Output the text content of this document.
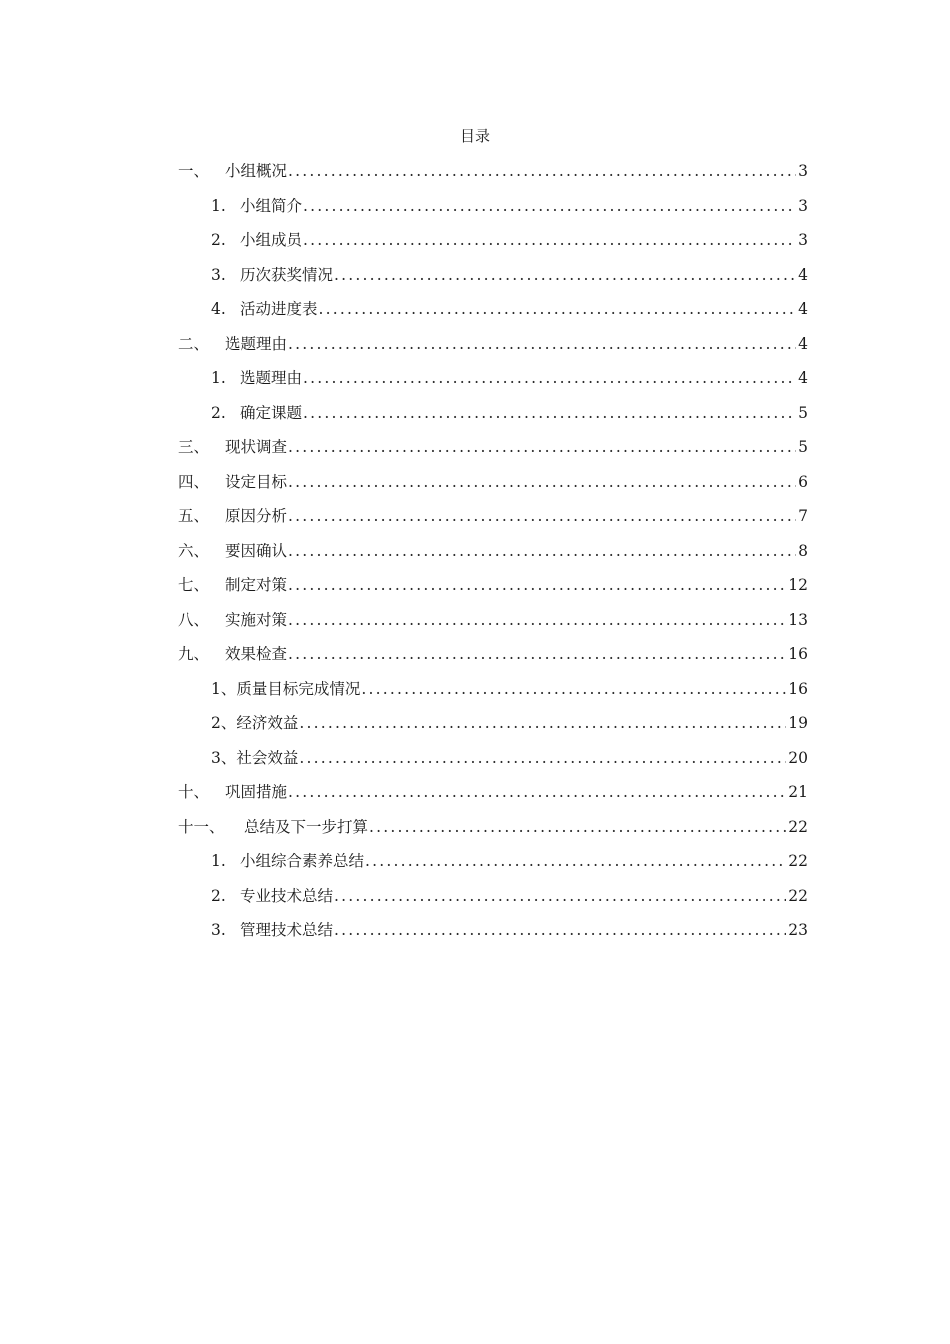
目录
一、	小组概况 .....	3
1. 小组简介 .....	3
2. 小组成员 .....	3
3. 历次获奖情况 .....	4
4. 活动进度表 .....	4
二、	选题理由 .....	4
1. 选题理由 .....	4
2. 确定课题 .....	5
三、	现状调查 .....	5
四、	设定目标 .....	6
五、	原因分析 .....	7
六、	要因确认 .....	8
七、	制定对策 .....	12
八、	实施对策 .....	13
九、	效果检查 .....	16
1、 质量目标完成情况 .....	16
2、 经济效益 .....	19
3、 社会效益 .....	20
十、	巩固措施 .....	21
十一、	总结及下一步打算 .....	22
1. 小组综合素养总结 .....	22
2. 专业技术总结 .....	22
3. 管理技术总结 .....	23
